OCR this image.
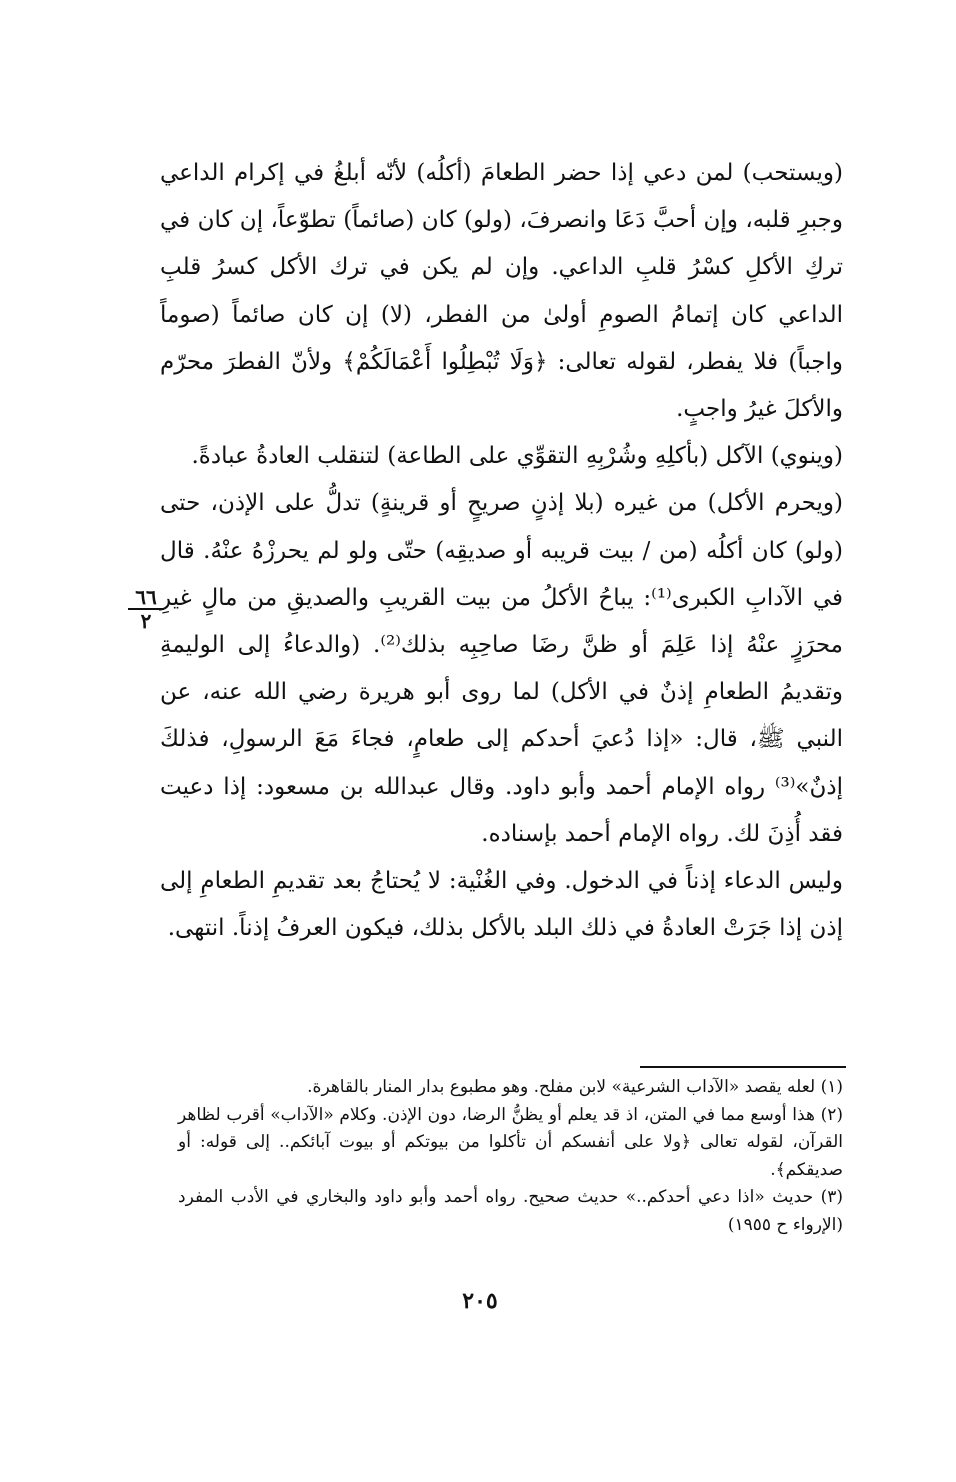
(ويستحب) لمن دعي إذا حضر الطعامَ (أكلُه) لأنّه أبلغُ في إكرام الداعي وجبرِ قلبه، وإن أحبَّ دَعَا وانصرفَ، (ولو) كان (صائماً) تطوّعاً، إن كان في تركِ الأكلِ كسْرُ قلبِ الداعي. وإن لم يكن في ترك الأكل كسرُ قلبِ الداعي كان إتمامُ الصومِ أولىٰ من الفطر، (لا) إن كان صائماً (صوماً واجباً) فلا يفطر، لقوله تعالى: ﴿وَلَا تُبْطِلُوا أَعْمَالَكُمْ﴾ ولأنّ الفطرَ محرّم والأكلَ غيرُ واجبٍ.

(وينوي) الآكل (بأكلِهِ وشُرْبِهِ التقوِّي على الطاعة) لتنقلب العادةُ عبادةً.

(ويحرم الأكل) من غيره (بلا إذنٍ صريحٍ أو قرينةٍ) تدلُّ على الإذن، حتى (ولو) كان أكلُه (من / بيت قريبه أو صديقِه) حتّى ولو لم يحرزْهُ عنْهُ. قال في الآدابِ الكبرى⁽¹⁾: يباحُ الأكلُ من بيت القريبِ والصديقِ من مالٍ غيرِ محرَزٍ عنْهُ إذا عَلِمَ أو ظنَّ رضَا صاحِبِه بذلك⁽²⁾. (والدعاءُ إلى الوليمةِ وتقديمُ الطعامِ إذنٌ في الأكل) لما روى أبو هريرة رضي الله عنه، عن النبي ﷺ، قال: «إذا دُعيَ أحدكم إلى طعامٍ، فجاءَ مَعَ الرسولِ، فذلكَ إذنٌ»⁽³⁾ رواه الإمام أحمد وأبو داود. وقال عبدالله بن مسعود: إذا دعيت فقد أُذِنَ لك. رواه الإمام أحمد بإسناده.

وليس الدعاء إذناً في الدخول. وفي الغُنْية: لا يُحتاجُ بعد تقديمِ الطعامِ إلى إذن إذا جَرَتْ العادةُ في ذلك البلد بالأكل بذلك، فيكون العرفُ إذناً. انتهى.

٦٦
٢

(١) لعله يقصد «الآداب الشرعية» لابن مفلح. وهو مطبوع بدار المنار بالقاهرة.

(٢) هذا أوسع مما في المتن، اذ قد يعلم أو يظنُّ الرضا، دون الإذن. وكلام «الآداب» أقرب لظاهر القرآن، لقوله تعالى ﴿ولا على أنفسكم أن تأكلوا من بيوتكم أو بيوت آبائكم.. إلى قوله: أو صديقكم﴾.

(٣) حديث «اذا دعي أحدكم..» حديث صحيح. رواه أحمد وأبو داود والبخاري في الأدب المفرد (الإرواء ح ١٩٥٥)

٢٠٥
